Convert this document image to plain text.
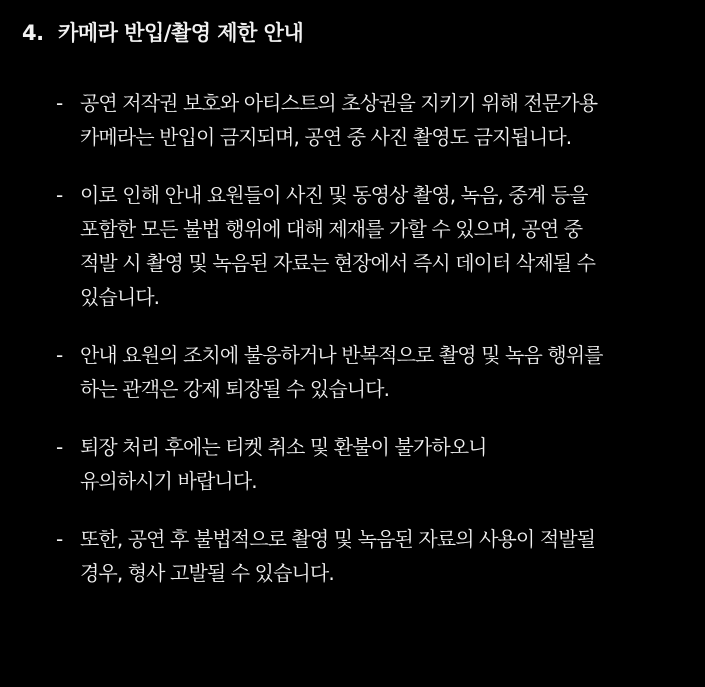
4. 카메라 반입/촬영 제한 안내
- 공연 저작권 보호와 아티스트의 초상권을 지키기 위해 전문가용
카메라는 반입이 금지되며, 공연 중 사진 촬영도 금지됩니다.
- 이로 인해 안내 요원들이 사진 및 동영상 촬영, 녹음, 중계 등을
포함한 모든 불법 행위에 대해 제재를 가할 수 있으며, 공연 중
적발 시 촬영 및 녹음된 자료는 현장에서 즉시 데이터 삭제될 수
있습니다.
- 안내 요원의 조치에 불응하거나 반복적으로 촬영 및 녹음 행위를
하는 관객은 강제 퇴장될 수 있습니다.
- 퇴장 처리 후에는 티켓 취소 및 환불이 불가하오니
유의하시기 바랍니다.
- 또한, 공연 후 불법적으로 촬영 및 녹음된 자료의 사용이 적발될
경우, 형사 고발될 수 있습니다.
